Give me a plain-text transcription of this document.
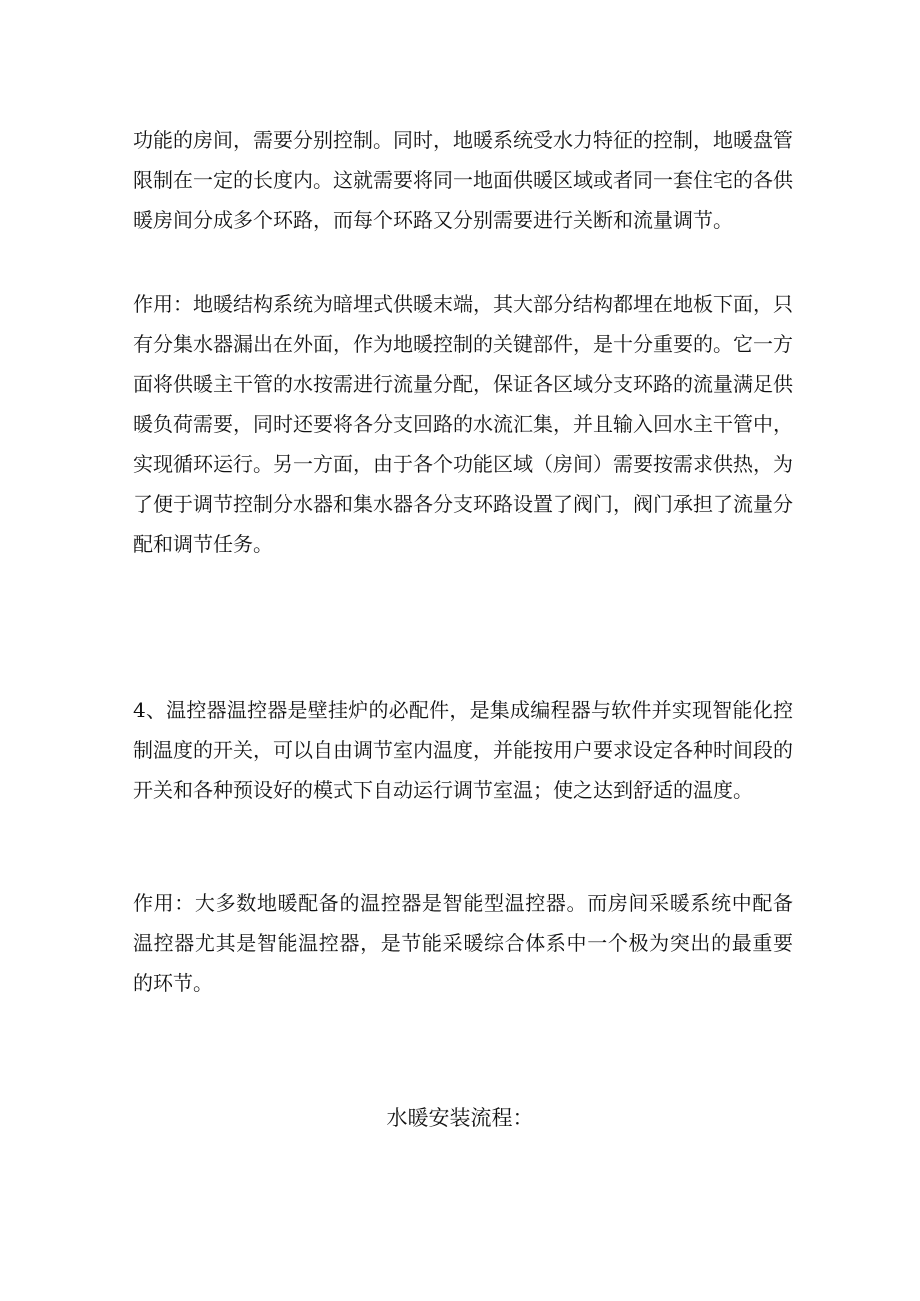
功能的房间，需要分别控制。同时，地暖系统受水力特征的控制，地暖盘管
限制在一定的长度内。这就需要将同一地面供暖区域或者同一套住宅的各供
暖房间分成多个环路，而每个环路又分别需要进行关断和流量调节。

作用：地暖结构系统为暗埋式供暖末端，其大部分结构都埋在地板下面，只
有分集水器漏出在外面，作为地暖控制的关键部件，是十分重要的。它一方
面将供暖主干管的水按需进行流量分配，保证各区域分支环路的流量满足供
暖负荷需要，同时还要将各分支回路的水流汇集，并且输入回水主干管中，
实现循环运行。另一方面，由于各个功能区域（房间）需要按需求供热，为
了便于调节控制分水器和集水器各分支环路设置了阀门，阀门承担了流量分
配和调节任务。

4、温控器温控器是壁挂炉的必配件，是集成编程器与软件并实现智能化控
制温度的开关，可以自由调节室内温度，并能按用户要求设定各种时间段的
开关和各种预设好的模式下自动运行调节室温；使之达到舒适的温度。

作用：大多数地暖配备的温控器是智能型温控器。而房间采暖系统中配备
温控器尤其是智能温控器，是节能采暖综合体系中一个极为突出的最重要
的环节。

水暖安装流程：
